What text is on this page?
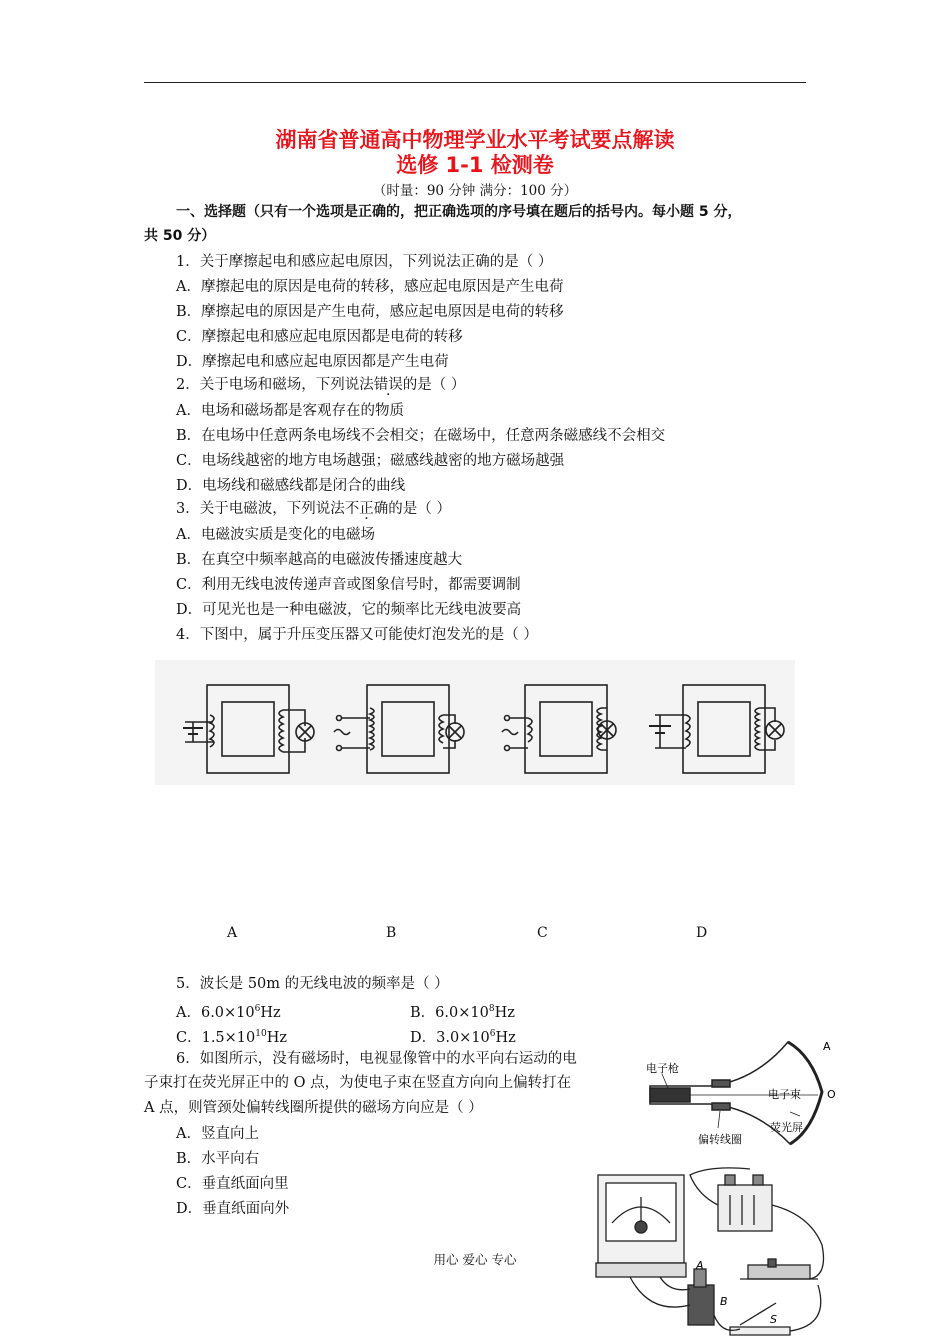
湖南省普通高中物理学业水平考试要点解读
选修 1-1 检测卷
（时量：90 分钟 满分：100 分）
一、选择题（只有一个选项是正确的，把正确选项的序号填在题后的括号内。每小题 5 分，
共 50 分）
1．关于摩擦起电和感应起电原因，下列说法正确的是（ ）
A．摩擦起电的原因是电荷的转移，感应起电原因是产生电荷
B．摩擦起电的原因是产生电荷，感应起电原因是电荷的转移
C．摩擦起电和感应起电原因都是电荷的转移
D．摩擦起电和感应起电原因都是产生电荷
2．关于电场和磁场，下列说法错误的是（ ）
A．电场和磁场都是客观存在的物质
B．在电场中任意两条电场线不会相交；在磁场中，任意两条磁感线不会相交
C．电场线越密的地方电场越强；磁感线越密的地方磁场越强
D．电场线和磁感线都是闭合的曲线
3．关于电磁波，下列说法不正确的是（ ）
A．电磁波实质是变化的电磁场
B．在真空中频率越高的电磁波传播速度越大
C．利用无线电波传递声音或图象信号时，都需要调制
D．可见光也是一种电磁波，它的频率比无线电波要高
4．下图中，属于升压变压器又可能使灯泡发光的是（ ）
A	B	C	D
5．波长是 50m 的无线电波的频率是（ ）
A．$6.0\times 10^6Hz$	B．$6.0\times 10^8Hz$
C．$1.5\times 10^{10}Hz$	D．$3.0\times 10^6Hz$
6．如图所示，没有磁场时，电视显像管中的水平向右运动的电
子束打在荧光屏正中的 O 点，为使电子束在竖直方向向上偏转打在
A 点，则管颈处偏转线圈所提供的磁场方向应是（ ）
A．竖直向上
B．水平向右
C．垂直纸面向里
D．垂直纸面向外
电子枪
电子束
荧光屏
偏转线圈
A
O
A
B
S
用心 爱心 专心
